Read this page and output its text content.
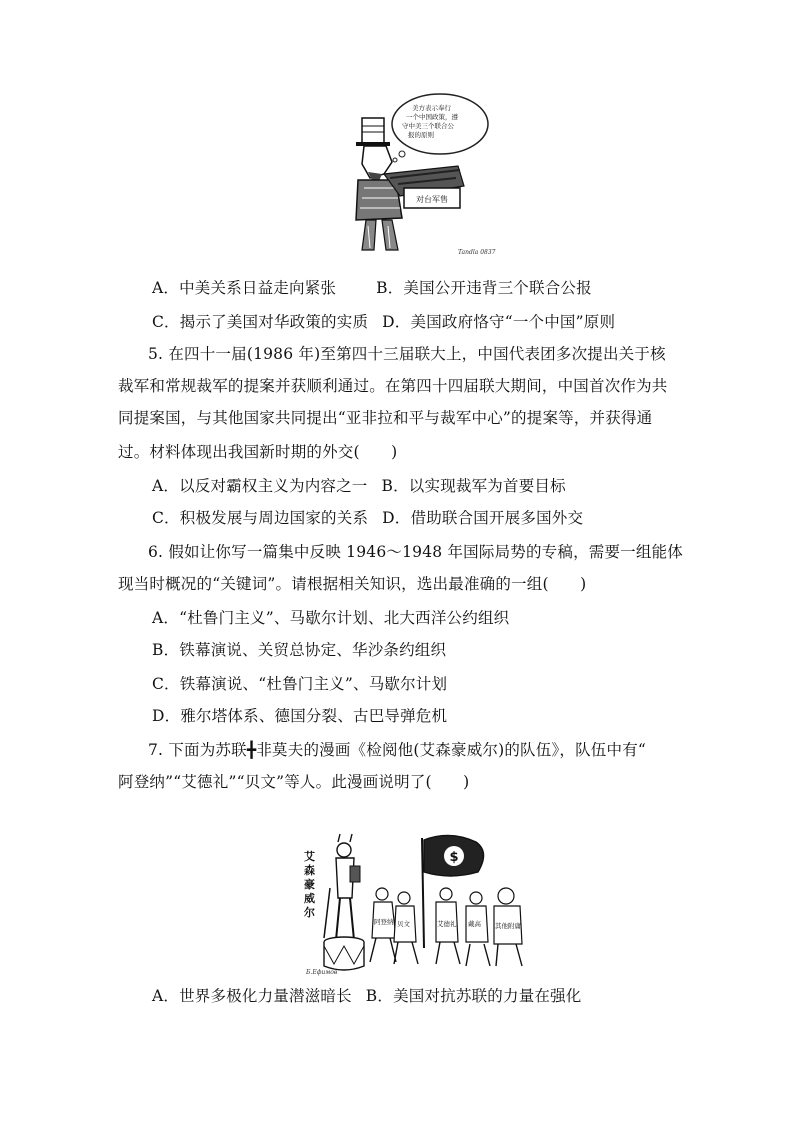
美方表示奉行 一个中国政策，遵 守中美三个联合公 报的原则
对台军售
Tandla 0837
A．中美关系日益走向紧张	B．美国公开违背三个联合公报
C．揭示了美国对华政策的实质 D．美国政府恪守“一个中国”原则
5. 在四十一届(1986 年)至第四十三届联大上，中国代表团多次提出关于核
裁军和常规裁军的提案并获顺利通过。在第四十四届联大期间，中国首次作为共
同提案国，与其他国家共同提出“亚非拉和平与裁军中心”的提案等，并获得通
过。材料体现出我国新时期的外交(　　)
A．以反对霸权主义为内容之一 B．以实现裁军为首要目标
C．积极发展与周边国家的关系 D．借助联合国开展多国外交
6. 假如让你写一篇集中反映 1946～1948 年国际局势的专稿，需要一组能体
现当时概况的“关键词”。请根据相关知识，选出最准确的一组(　　)
A．“杜鲁门主义”、马歇尔计划、北大西洋公约组织
B．铁幕演说、关贸总协定、华沙条约组织
C．铁幕演说、“杜鲁门主义”、马歇尔计划
D．雅尔塔体系、德国分裂、古巴导弹危机
7. 下面为苏联╋非莫夫的漫画《检阅他(艾森豪威尔)的队伍》，队伍中有“
阿登纳”“艾德礼”“贝文”等人。此漫画说明了(　　)
艾 森 豪 威 尔
$
阿登纳 贝文	艾德礼 戴高 其他附庸
Б.Ефимов
A．世界多极化力量潜滋暗长 B．美国对抗苏联的力量在强化
